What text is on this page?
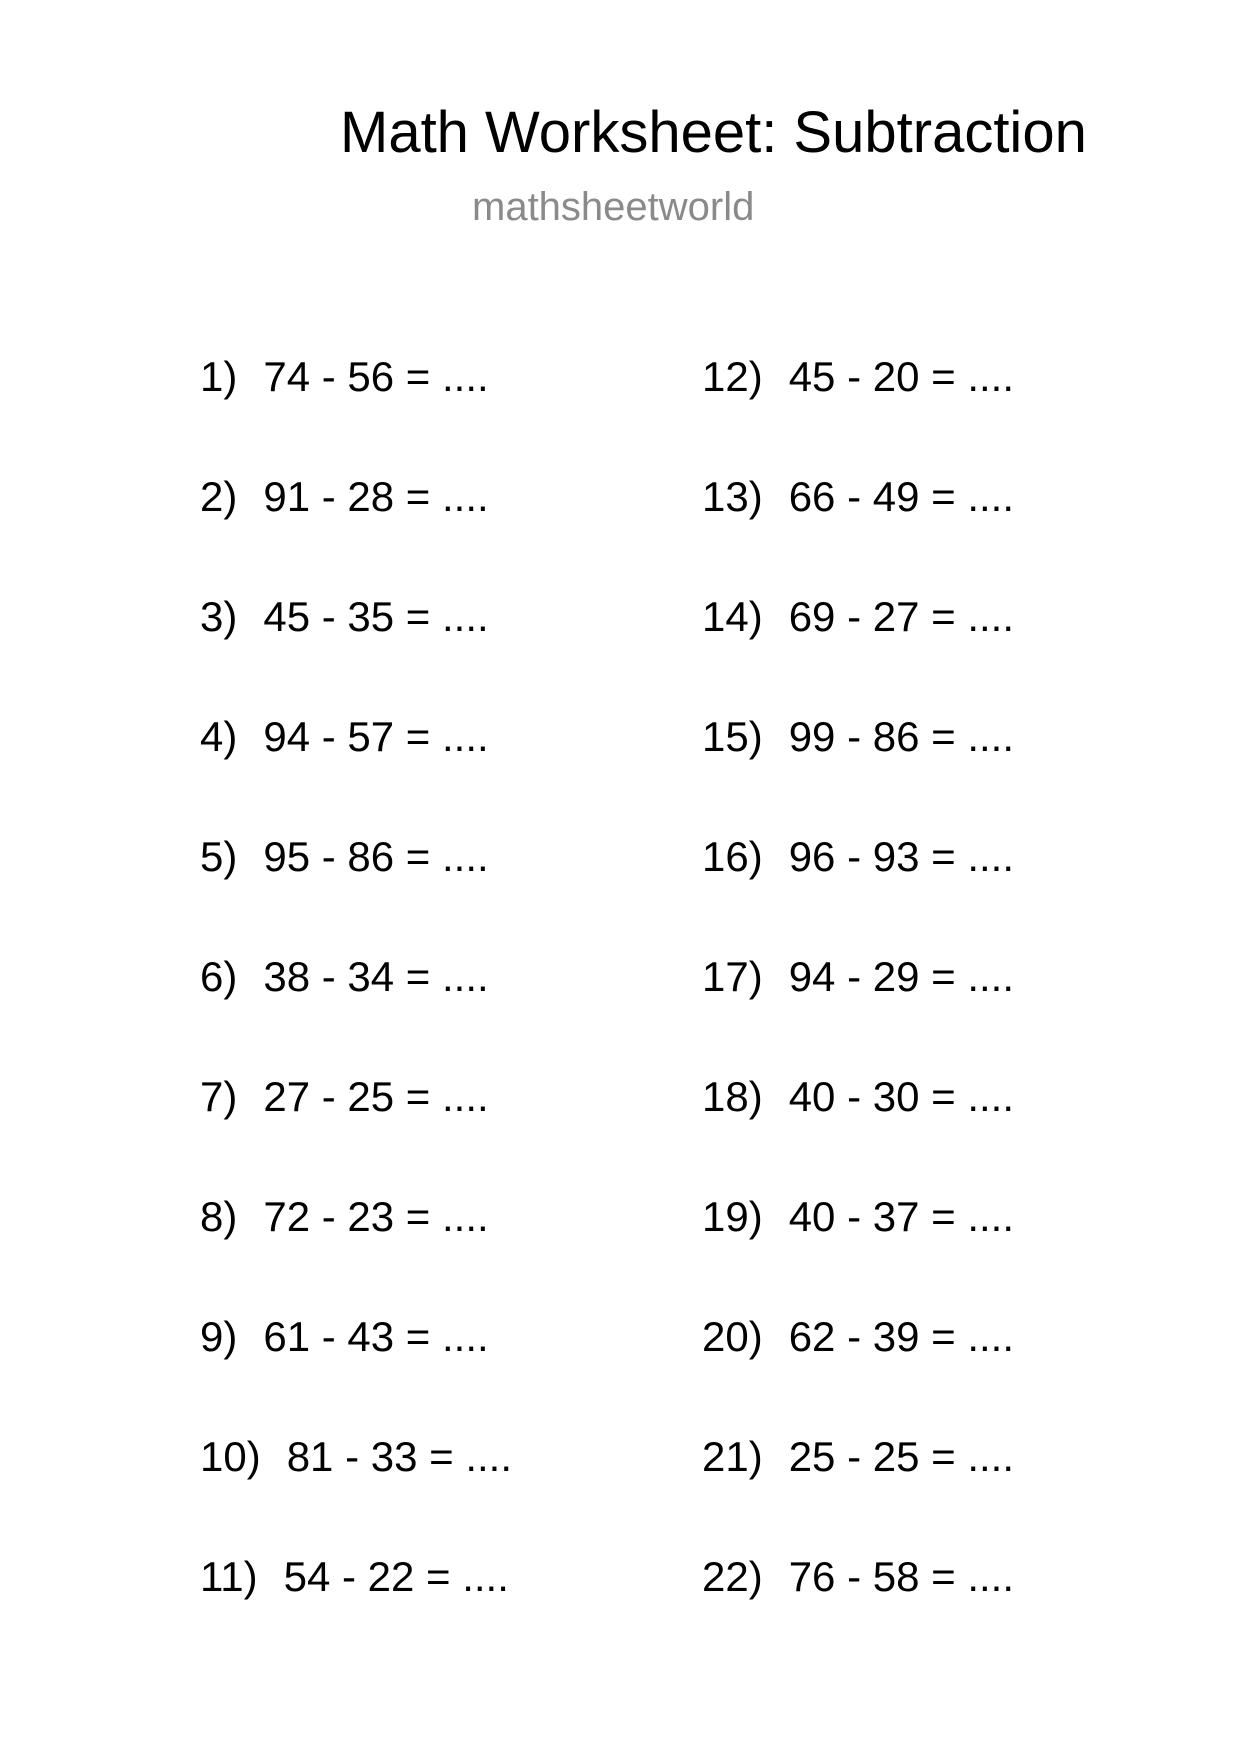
Math Worksheet: Subtraction
mathsheetworld
1) 74 - 56 = ....
2) 91 - 28 = ....
3) 45 - 35 = ....
4) 94 - 57 = ....
5) 95 - 86 = ....
6) 38 - 34 = ....
7) 27 - 25 = ....
8) 72 - 23 = ....
9) 61 - 43 = ....
10) 81 - 33 = ....
11) 54 - 22 = ....
12) 45 - 20 = ....
13) 66 - 49 = ....
14) 69 - 27 = ....
15) 99 - 86 = ....
16) 96 - 93 = ....
17) 94 - 29 = ....
18) 40 - 30 = ....
19) 40 - 37 = ....
20) 62 - 39 = ....
21) 25 - 25 = ....
22) 76 - 58 = ....
